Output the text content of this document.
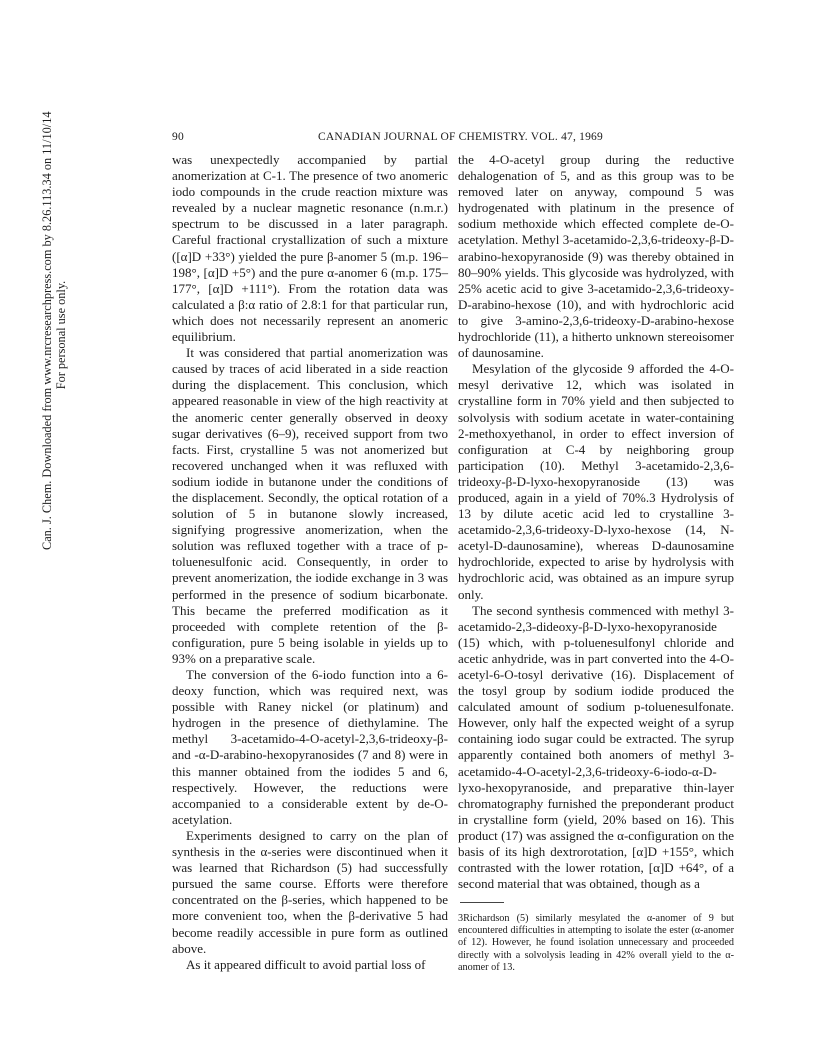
Can. J. Chem. Downloaded from www.nrcresearchpress.com by 8.26.113.34 on 11/10/14 For personal use only.
90	CANADIAN JOURNAL OF CHEMISTRY. VOL. 47, 1969

was unexpectedly accompanied by partial anomerization at C-1. The presence of two anomeric iodo compounds in the crude reaction mixture was revealed by a nuclear magnetic resonance (n.m.r.) spectrum to be discussed in a later paragraph. Careful fractional crystallization of such a mixture ([α]D +33°) yielded the pure β-anomer 5 (m.p. 196–198°, [α]D +5°) and the pure α-anomer 6 (m.p. 175–177°, [α]D +111°). From the rotation data was calculated a β:α ratio of 2.8:1 for that particular run, which does not necessarily represent an anomeric equilibrium.

It was considered that partial anomerization was caused by traces of acid liberated in a side reaction during the displacement. This conclusion, which appeared reasonable in view of the high reactivity at the anomeric center generally observed in deoxy sugar derivatives (6–9), received support from two facts. First, crystalline 5 was not anomerized but recovered unchanged when it was refluxed with sodium iodide in butanone under the conditions of the displacement. Secondly, the optical rotation of a solution of 5 in butanone slowly increased, signifying progressive anomerization, when the solution was refluxed together with a trace of p-toluenesulfonic acid. Consequently, in order to prevent anomerization, the iodide exchange in 3 was performed in the presence of sodium bicarbonate. This became the preferred modification as it proceeded with complete retention of the β-configuration, pure 5 being isolable in yields up to 93% on a preparative scale.

The conversion of the 6-iodo function into a 6-deoxy function, which was required next, was possible with Raney nickel (or platinum) and hydrogen in the presence of diethylamine. The methyl 3-acetamido-4-O-acetyl-2,3,6-trideoxy-β- and -α-D-arabino-hexopyranosides (7 and 8) were in this manner obtained from the iodides 5 and 6, respectively. However, the reductions were accompanied to a considerable extent by de-O-acetylation.

Experiments designed to carry on the plan of synthesis in the α-series were discontinued when it was learned that Richardson (5) had successfully pursued the same course. Efforts were therefore concentrated on the β-series, which happened to be more convenient too, when the β-derivative 5 had become readily accessible in pure form as outlined above.

As it appeared difficult to avoid partial loss of

the 4-O-acetyl group during the reductive dehalogenation of 5, and as this group was to be removed later on anyway, compound 5 was hydrogenated with platinum in the presence of sodium methoxide which effected complete de-O-acetylation. Methyl 3-acetamido-2,3,6-trideoxy-β-D-arabino-hexopyranoside (9) was thereby obtained in 80–90% yields. This glycoside was hydrolyzed, with 25% acetic acid to give 3-acetamido-2,3,6-trideoxy-D-arabino-hexose (10), and with hydrochloric acid to give 3-amino-2,3,6-trideoxy-D-arabino-hexose hydrochloride (11), a hitherto unknown stereoisomer of daunosamine.

Mesylation of the glycoside 9 afforded the 4-O-mesyl derivative 12, which was isolated in crystalline form in 70% yield and then subjected to solvolysis with sodium acetate in water-containing 2-methoxyethanol, in order to effect inversion of configuration at C-4 by neighboring group participation (10). Methyl 3-acetamido-2,3,6-trideoxy-β-D-lyxo-hexopyranoside (13) was produced, again in a yield of 70%.3 Hydrolysis of 13 by dilute acetic acid led to crystalline 3-acetamido-2,3,6-trideoxy-D-lyxo-hexose (14, N-acetyl-D-daunosamine), whereas D-daunosamine hydrochloride, expected to arise by hydrolysis with hydrochloric acid, was obtained as an impure syrup only.

The second synthesis commenced with methyl 3-acetamido-2,3-dideoxy-β-D-lyxo-hexopyranoside (15) which, with p-toluenesulfonyl chloride and acetic anhydride, was in part converted into the 4-O-acetyl-6-O-tosyl derivative (16). Displacement of the tosyl group by sodium iodide produced the calculated amount of sodium p-toluenesulfonate. However, only half the expected weight of a syrup containing iodo sugar could be extracted. The syrup apparently contained both anomers of methyl 3-acetamido-4-O-acetyl-2,3,6-trideoxy-6-iodo-α-D-lyxo-hexopyranoside, and preparative thin-layer chromatography furnished the preponderant product in crystalline form (yield, 20% based on 16). This product (17) was assigned the α-configuration on the basis of its high dextrorotation, [α]D +155°, which contrasted with the lower rotation, [α]D +64°, of a second material that was obtained, though as a

3Richardson (5) similarly mesylated the α-anomer of 9 but encountered difficulties in attempting to isolate the ester (α-anomer of 12). However, he found isolation unnecessary and proceeded directly with a solvolysis leading in 42% overall yield to the α-anomer of 13.
